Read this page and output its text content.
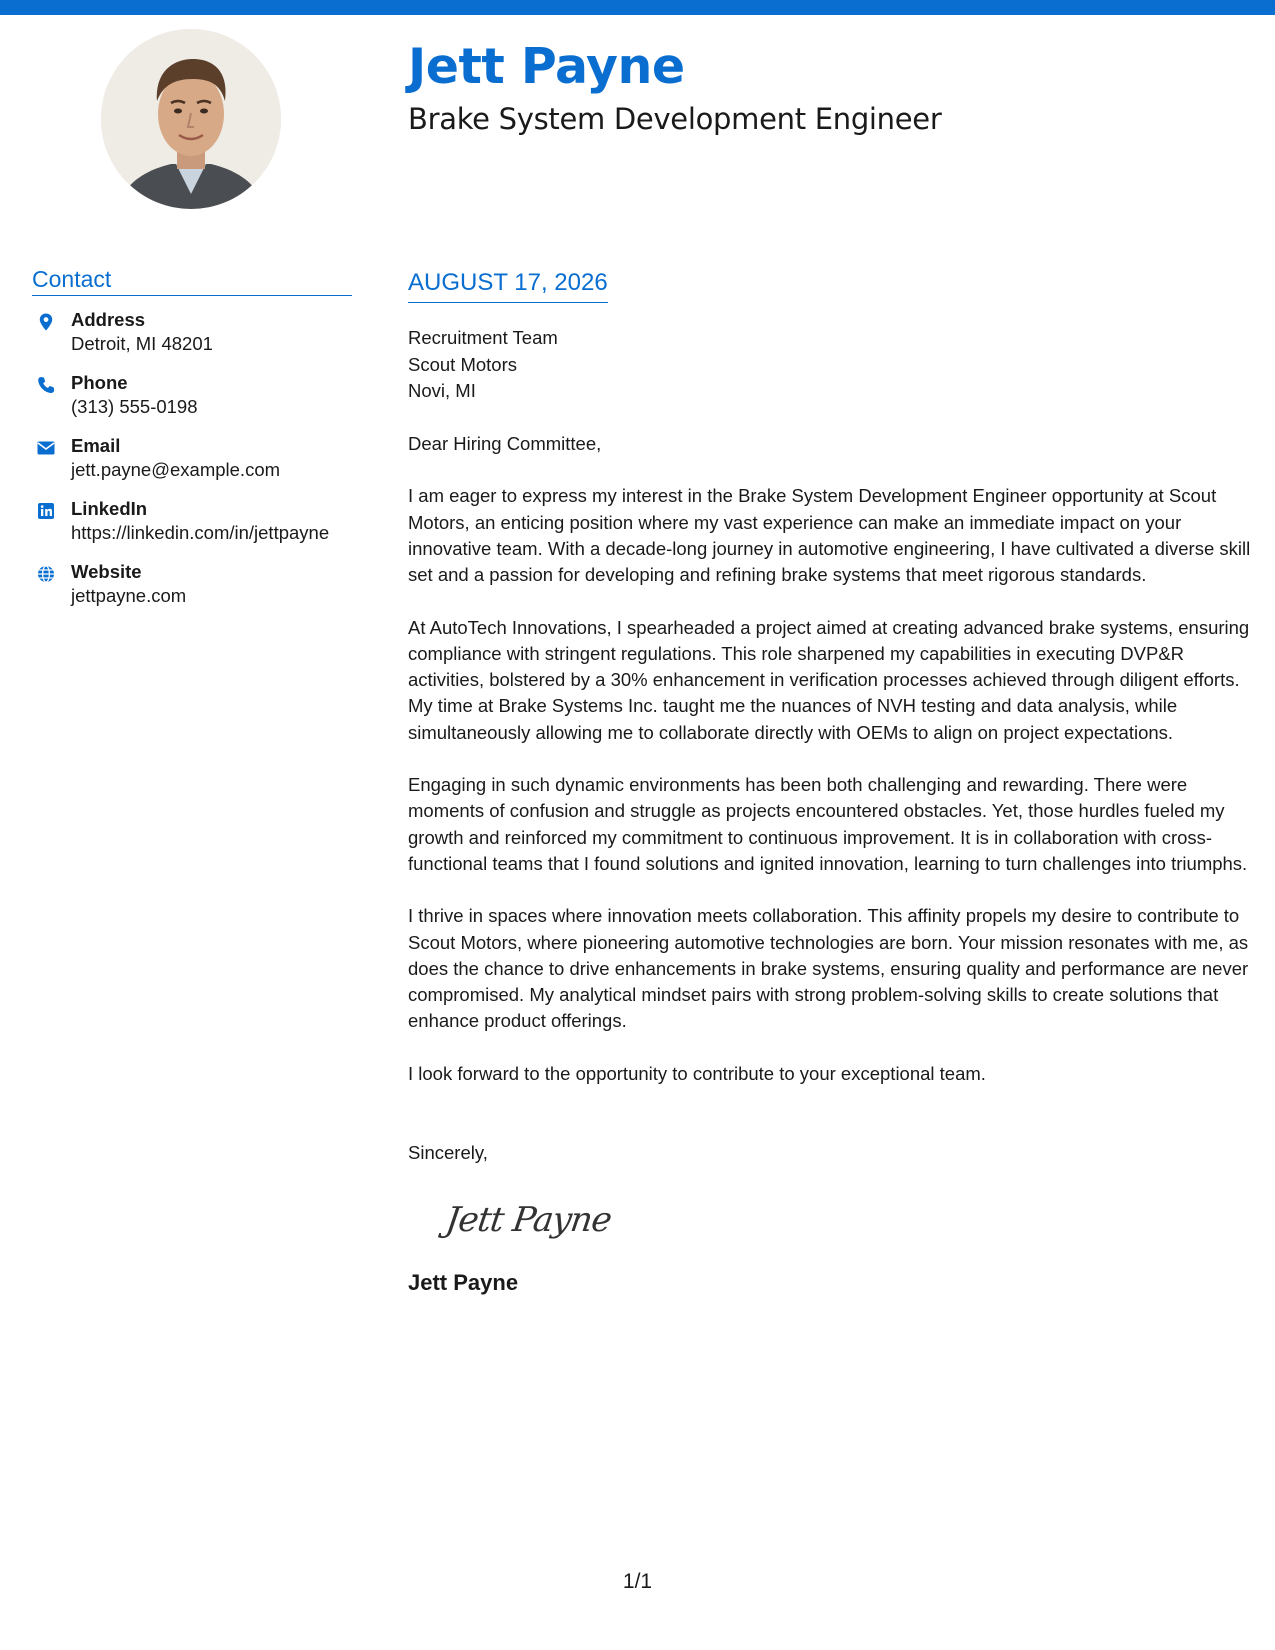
Jett Payne
Brake System Development Engineer
Contact
Address
Detroit, MI 48201
Phone
(313) 555-0198
Email
jett.payne@example.com
LinkedIn
https://linkedin.com/in/jettpayne
Website
jettpayne.com
AUGUST 17, 2026
Recruitment Team
Scout Motors
Novi, MI
Dear Hiring Committee,

I am eager to express my interest in the Brake System Development Engineer opportunity at Scout Motors, an enticing position where my vast experience can make an immediate impact on your innovative team. With a decade-long journey in automotive engineering, I have cultivated a diverse skill set and a passion for developing and refining brake systems that meet rigorous standards.

At AutoTech Innovations, I spearheaded a project aimed at creating advanced brake systems, ensuring compliance with stringent regulations. This role sharpened my capabilities in executing DVP&R activities, bolstered by a 30% enhancement in verification processes achieved through diligent efforts. My time at Brake Systems Inc. taught me the nuances of NVH testing and data analysis, while simultaneously allowing me to collaborate directly with OEMs to align on project expectations.

Engaging in such dynamic environments has been both challenging and rewarding. There were moments of confusion and struggle as projects encountered obstacles. Yet, those hurdles fueled my growth and reinforced my commitment to continuous improvement. It is in collaboration with cross-functional teams that I found solutions and ignited innovation, learning to turn challenges into triumphs.

I thrive in spaces where innovation meets collaboration. This affinity propels my desire to contribute to Scout Motors, where pioneering automotive technologies are born. Your mission resonates with me, as does the chance to drive enhancements in brake systems, ensuring quality and performance are never compromised. My analytical mindset pairs with strong problem-solving skills to create solutions that enhance product offerings.

I look forward to the opportunity to contribute to your exceptional team.

Sincerely,
Jett Payne
Jett Payne
1/1
